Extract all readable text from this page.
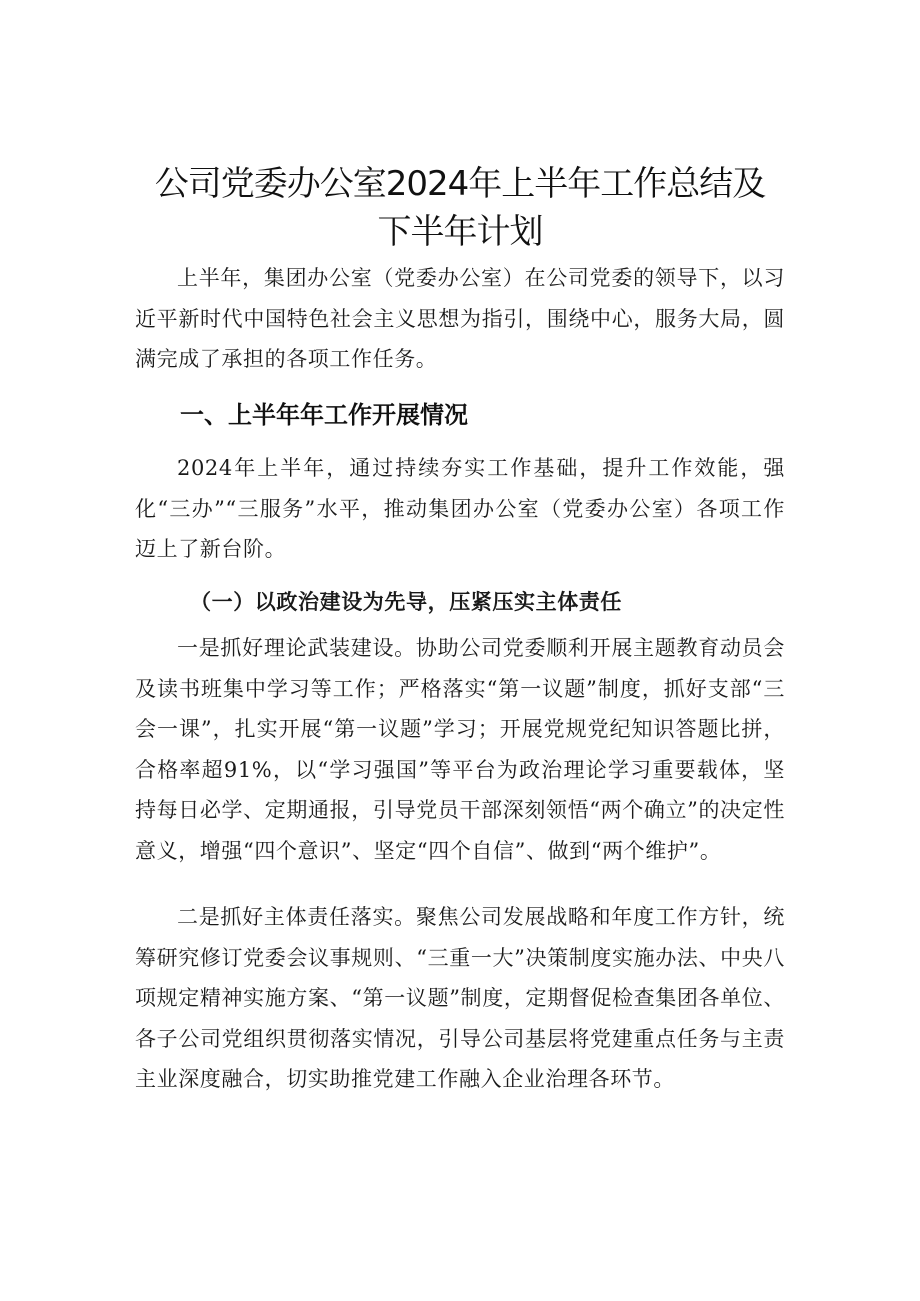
公司党委办公室2024年上半年工作总结及下半年计划

上半年，集团办公室（党委办公室）在公司党委的领导下，以习近平新时代中国特色社会主义思想为指引，围绕中心，服务大局，圆满完成了承担的各项工作任务。

一、上半年年工作开展情况

2024年上半年，通过持续夯实工作基础，提升工作效能，强化“三办”“三服务”水平，推动集团办公室（党委办公室）各项工作迈上了新台阶。

（一）以政治建设为先导，压紧压实主体责任

一是抓好理论武装建设。协助公司党委顺利开展主题教育动员会及读书班集中学习等工作；严格落实“第一议题”制度，抓好支部“三会一课”，扎实开展“第一议题”学习；开展党规党纪知识答题比拼，合格率超91%，以“学习强国”等平台为政治理论学习重要载体，坚持每日必学、定期通报，引导党员干部深刻领悟“两个确立”的决定性意义，增强“四个意识”、坚定“四个自信”、做到“两个维护”。

二是抓好主体责任落实。聚焦公司发展战略和年度工作方针，统筹研究修订党委会议事规则、“三重一大”决策制度实施办法、中央八项规定精神实施方案、“第一议题”制度，定期督促检查集团各单位、各子公司党组织贯彻落实情况，引导公司基层将党建重点任务与主责主业深度融合，切实助推党建工作融入企业治理各环节。
